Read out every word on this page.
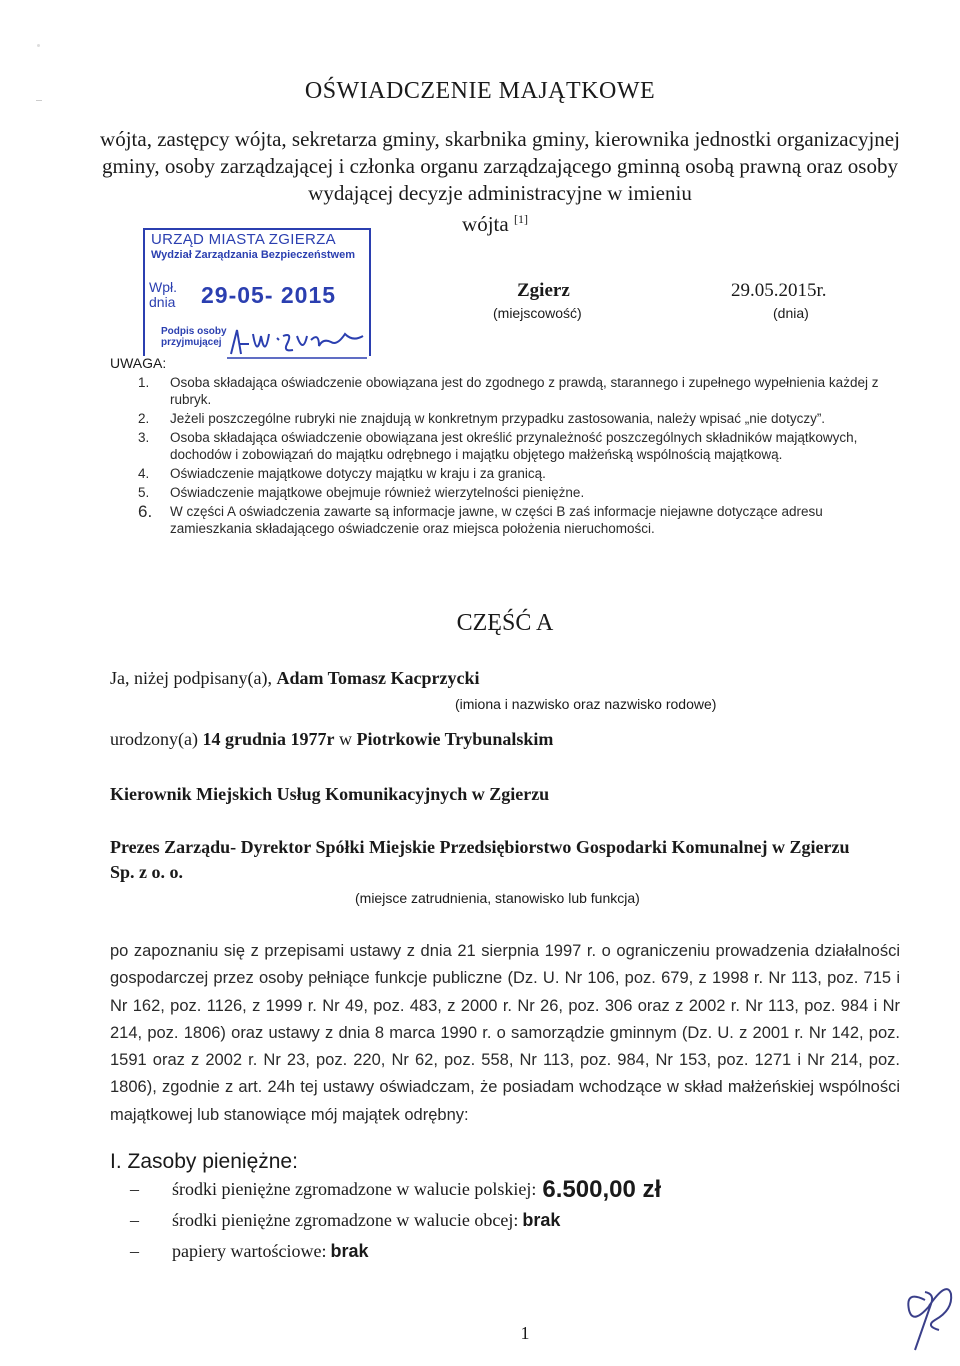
OŚWIADCZENIE MAJĄTKOWE
wójta, zastępcy wójta, sekretarza gminy, skarbnika gminy, kierownika jednostki organizacyjnej gminy, osoby zarządzającej i członka organu zarządzającego gminną osobą prawną oraz osoby wydającej decyzje administracyjne w imieniu
wójta [1]
URZĄD MIASTA ZGIERZA
Wydział Zarządzania Bezpieczeństwem
Wpł.
dnia 29-05- 2015
Podpis osoby
przyjmującej
Zgierz
(miejscowość)
29.05.2015r.
(dnia)
UWAGA:
1.	Osoba składająca oświadczenie obowiązana jest do zgodnego z prawdą, starannego i zupełnego wypełnienia każdej z rubryk.
2.	Jeżeli poszczególne rubryki nie znajdują w konkretnym przypadku zastosowania, należy wpisać „nie dotyczy”.
3.	Osoba składająca oświadczenie obowiązana jest określić przynależność poszczególnych składników majątkowych, dochodów i zobowiązań do majątku odrębnego i majątku objętego małżeńską wspólnością majątkową.
4.	Oświadczenie majątkowe dotyczy majątku w kraju i za granicą.
5.	Oświadczenie majątkowe obejmuje również wierzytelności pieniężne.
6.	W części A oświadczenia zawarte są informacje jawne, w części B zaś informacje niejawne dotyczące adresu zamieszkania składającego oświadczenie oraz miejsca położenia nieruchomości.
CZĘŚĆ A
Ja, niżej podpisany(a), Adam Tomasz Kacprzycki
(imiona i nazwisko oraz nazwisko rodowe)
urodzony(a) 14 grudnia 1977r w Piotrkowie Trybunalskim
Kierownik Miejskich Usług Komunikacyjnych w Zgierzu
Prezes Zarządu- Dyrektor Spółki Miejskie Przedsiębiorstwo Gospodarki Komunalnej w Zgierzu Sp. z o. o.
(miejsce zatrudnienia, stanowisko lub funkcja)
po zapoznaniu się z przepisami ustawy z dnia 21 sierpnia 1997 r. o ograniczeniu prowadzenia działalności gospodarczej przez osoby pełniące funkcje publiczne (Dz. U. Nr 106, poz. 679, z 1998 r. Nr 113, poz. 715 i Nr 162, poz. 1126, z 1999 r. Nr 49, poz. 483, z 2000 r. Nr 26, poz. 306 oraz z 2002 r. Nr 113, poz. 984 i Nr 214, poz. 1806) oraz ustawy z dnia 8 marca 1990 r. o samorządzie gminnym (Dz. U. z 2001 r. Nr 142, poz. 1591 oraz z 2002 r. Nr 23, poz. 220, Nr 62, poz. 558, Nr 113, poz. 984, Nr 153, poz. 1271 i Nr 214, poz. 1806), zgodnie z art. 24h tej ustawy oświadczam, że posiadam wchodzące w skład małżeńskiej wspólności majątkowej lub stanowiące mój majątek odrębny:
I. Zasoby pieniężne:
–	środki pieniężne zgromadzone w walucie polskiej: 6.500,00 zł
–	środki pieniężne zgromadzone w walucie obcej: brak
–	papiery wartościowe: brak
1
